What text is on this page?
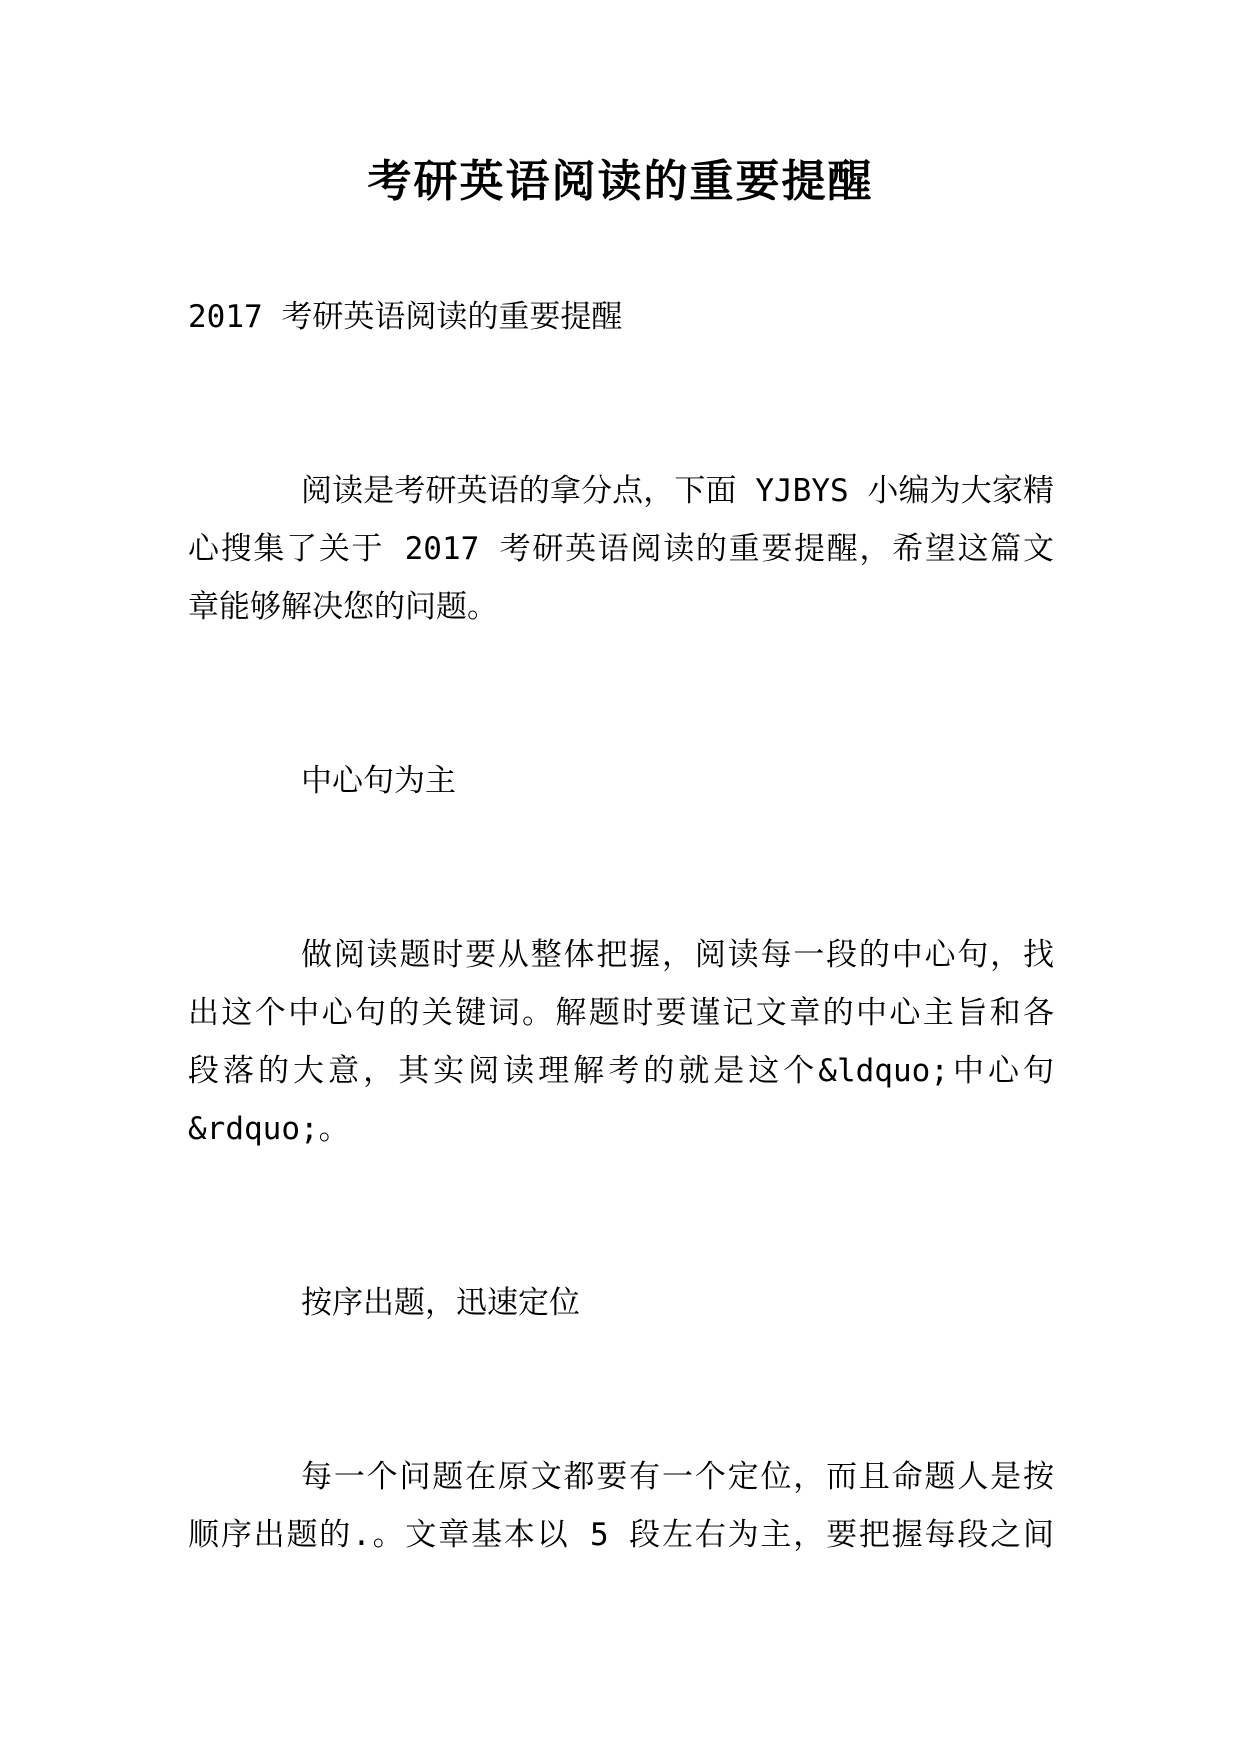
考研英语阅读的重要提醒
2017 考研英语阅读的重要提醒
阅读是考研英语的拿分点，下面 YJBYS 小编为大家精
心搜集了关于 2017 考研英语阅读的重要提醒，希望这篇文
章能够解决您的问题。
中心句为主
做阅读题时要从整体把握，阅读每一段的中心句，找
出这个中心句的关键词。解题时要谨记文章的中心主旨和各
段落的大意，其实阅读理解考的就是这个&ldquo;中心句
&rdquo;。
按序出题，迅速定位
每一个问题在原文都要有一个定位，而且命题人是按
顺序出题的.。文章基本以 5 段左右为主，要把握每段之间
